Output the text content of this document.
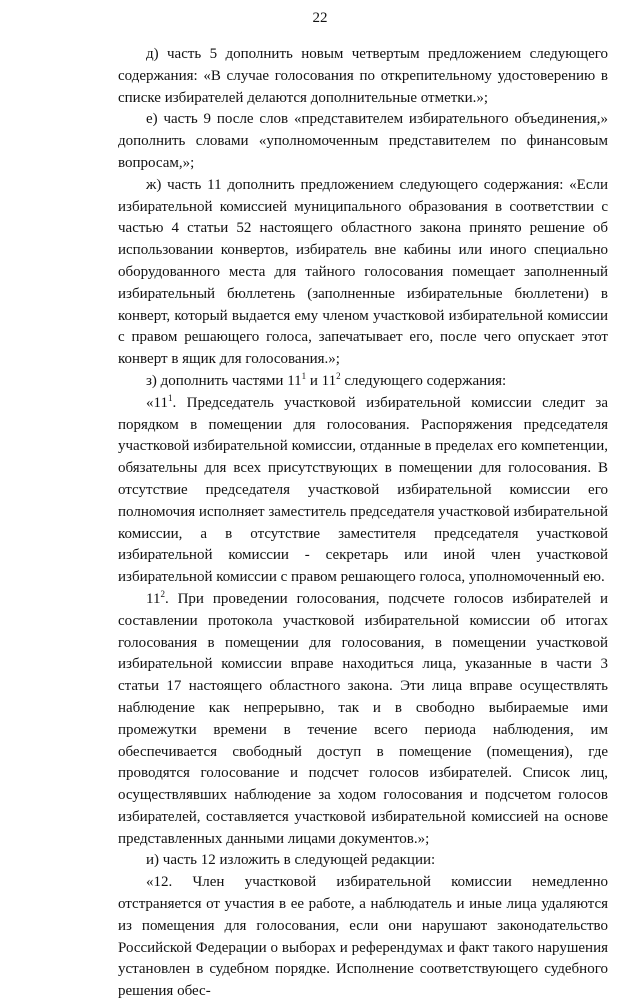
22

д) часть 5 дополнить новым четвертым предложением следующего содержания: «В случае голосования по открепительному удостоверению в списке избирателей делаются дополнительные отметки.»;

е) часть 9 после слов «представителем избирательного объединения,» дополнить словами «уполномоченным представителем по финансовым вопросам,»;

ж) часть 11 дополнить предложением следующего содержания: «Если избирательной комиссией муниципального образования в соответствии с частью 4 статьи 52 настоящего областного закона принято решение об использовании конвертов, избиратель вне кабины или иного специально оборудованного места для тайного голосования помещает заполненный избирательный бюллетень (заполненные избирательные бюллетени) в конверт, который выдается ему членом участковой избирательной комиссии с правом решающего голоса, запечатывает его, после чего опускает этот конверт в ящик для голосования.»;

з) дополнить частями $11^1$ и $11^2$ следующего содержания:

«$11^1$. Председатель участковой избирательной комиссии следит за порядком в помещении для голосования. Распоряжения председателя участковой избирательной комиссии, отданные в пределах его компетенции, обязательны для всех присутствующих в помещении для голосования. В отсутствие председателя участковой избирательной комиссии его полномочия исполняет заместитель председателя участковой избирательной комиссии, а в отсутствие заместителя председателя участковой избирательной комиссии - секретарь или иной член участковой избирательной комиссии с правом решающего голоса, уполномоченный ею.

$11^2$. При проведении голосования, подсчете голосов избирателей и составлении протокола участковой избирательной комиссии об итогах голосования в помещении для голосования, в помещении участковой избирательной комиссии вправе находиться лица, указанные в части 3 статьи 17 настоящего областного закона. Эти лица вправе осуществлять наблюдение как непрерывно, так и в свободно выбираемые ими промежутки времени в течение всего периода наблюдения, им обеспечивается свободный доступ в помещение (помещения), где проводятся голосование и подсчет голосов избирателей. Список лиц, осуществлявших наблюдение за ходом голосования и подсчетом голосов избирателей, составляется участковой избирательной комиссией на основе представленных данными лицами документов.»;

и) часть 12 изложить в следующей редакции:

«12. Член участковой избирательной комиссии немедленно отстраняется от участия в ее работе, а наблюдатель и иные лица удаляются из помещения для голосования, если они нарушают законодательство Российской Федерации о выборах и референдумах и факт такого нарушения установлен в судебном порядке. Исполнение соответствующего судебного решения обес-
